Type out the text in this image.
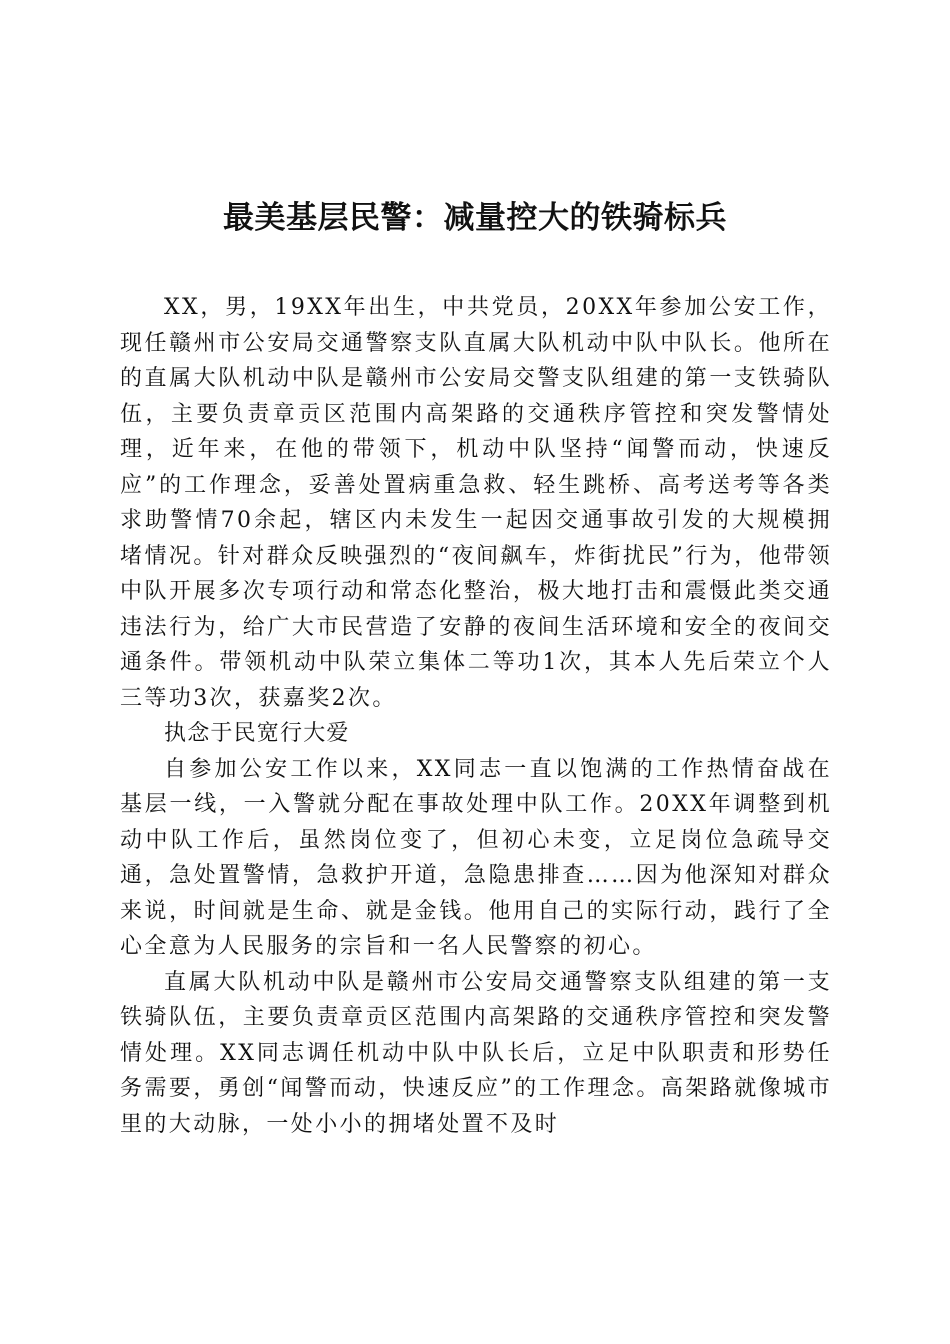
最美基层民警：减量控大的铁骑标兵

XX，男，19XX年出生，中共党员，20XX年参加公安工作，现任赣州市公安局交通警察支队直属大队机动中队中队长。他所在的直属大队机动中队是赣州市公安局交警支队组建的第一支铁骑队伍，主要负责章贡区范围内高架路的交通秩序管控和突发警情处理，近年来，在他的带领下，机动中队坚持“闻警而动，快速反应”的工作理念，妥善处置病重急救、轻生跳桥、高考送考等各类求助警情70余起，辖区内未发生一起因交通事故引发的大规模拥堵情况。针对群众反映强烈的“夜间飙车，炸街扰民”行为，他带领中队开展多次专项行动和常态化整治，极大地打击和震慑此类交通违法行为，给广大市民营造了安静的夜间生活环境和安全的夜间交通条件。带领机动中队荣立集体二等功1次，其本人先后荣立个人三等功3次，获嘉奖2次。

执念于民宽行大爱

自参加公安工作以来，XX同志一直以饱满的工作热情奋战在基层一线，一入警就分配在事故处理中队工作。20XX年调整到机动中队工作后，虽然岗位变了，但初心未变，立足岗位急疏导交通，急处置警情，急救护开道，急隐患排查……因为他深知对群众来说，时间就是生命、就是金钱。他用自己的实际行动，践行了全心全意为人民服务的宗旨和一名人民警察的初心。

直属大队机动中队是赣州市公安局交通警察支队组建的第一支铁骑队伍，主要负责章贡区范围内高架路的交通秩序管控和突发警情处理。XX同志调任机动中队中队长后，立足中队职责和形势任务需要，勇创“闻警而动，快速反应”的工作理念。高架路就像城市里的大动脉，一处小小的拥堵处置不及时
